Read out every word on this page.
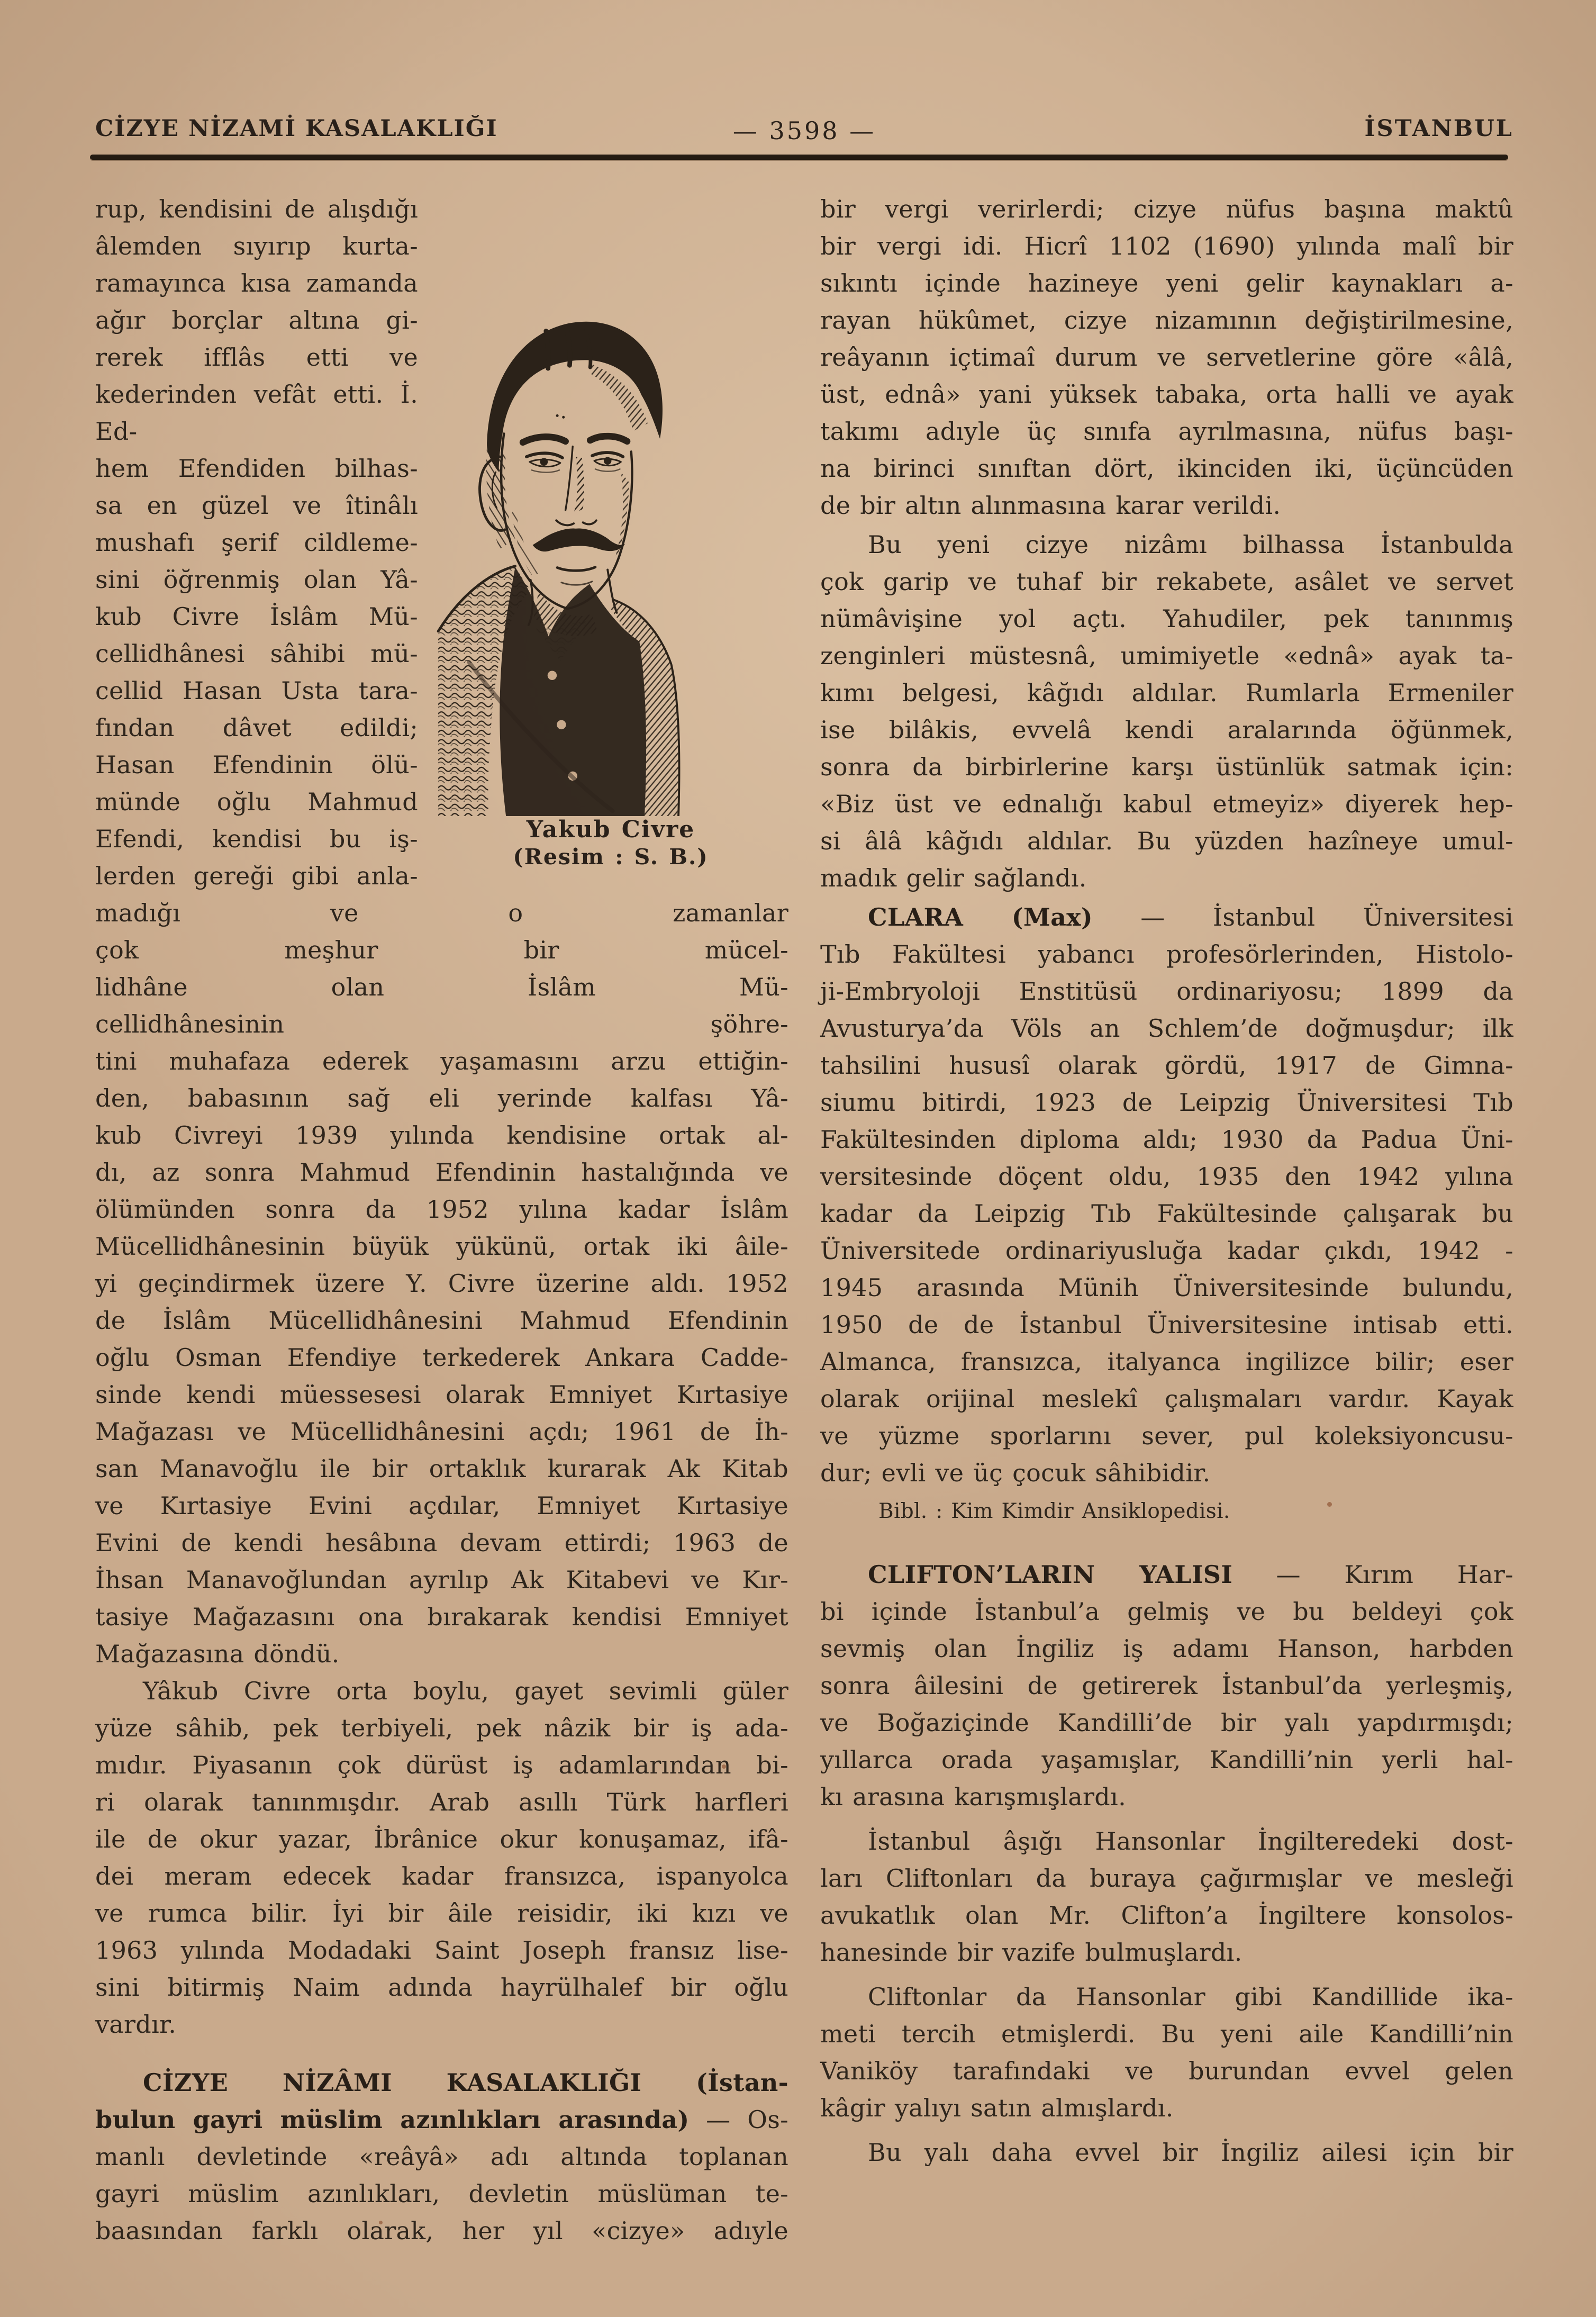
CİZYE NİZAMİ KASALAKLIĞI	— 3598 —	İSTANBUL
Yakub Civre
(Resim : S. B.)
rup, kendisini de alışdığı âlemden sıyırıp kurta-
ramayınca kısa zamanda ağır borçlar altına gi-
rerek ifflâs etti ve kederinden vefât etti. İ. Ed-
hem Efendiden bilhas-
sa en güzel ve îtinâlı
mushafı şerif cildleme-
sini öğrenmiş olan Yâ-
kub Civre İslâm Mü-
cellidhânesi sâhibi mü-
cellid Hasan Usta tara-
fından dâvet edildi;
Hasan Efendinin ölü-
münde oğlu Mahmud
Efendi, kendisi bu iş-
lerden gereği gibi anla-
madığı ve o zamanlar
çok meşhur bir mücel-
lidhâne olan İslâm Mü-
cellidhânesinin şöhre-
tini muhafaza ederek yaşamasını arzu ettiğin-
den, babasının sağ eli yerinde kalfası Yâ-
kub Civreyi 1939 yılında kendisine ortak al-
dı, az sonra Mahmud Efendinin hastalığında ve
ölümünden sonra da 1952 yılına kadar İslâm
Mücellidhânesinin büyük yükünü, ortak iki âile-
yi geçindirmek üzere Y. Civre üzerine aldı. 1952
de İslâm Mücellidhânesini Mahmud Efendinin
oğlu Osman Efendiye terkederek Ankara Cadde-
sinde kendi müessesesi olarak Emniyet Kırtasiye
Mağazası ve Mücellidhânesini açdı; 1961 de İh-
san Manavoğlu ile bir ortaklık kurarak Ak Kitab
ve Kırtasiye Evini açdılar, Emniyet Kırtasiye
Evini de kendi hesâbına devam ettirdi; 1963 de
İhsan Manavoğlundan ayrılıp Ak Kitabevi ve Kır-
tasiye Mağazasını ona bırakarak kendisi Emniyet
Mağazasına döndü.
Yâkub Civre orta boylu, gayet sevimli güler
yüze sâhib, pek terbiyeli, pek nâzik bir iş ada-
mıdır. Piyasanın çok dürüst iş adamlarından bi-
ri olarak tanınmışdır. Arab asıllı Türk harfleri
ile de okur yazar, İbrânice okur konuşamaz, ifâ-
dei meram edecek kadar fransızca, ispanyolca
ve rumca bilir. İyi bir âile reisidir, iki kızı ve
1963 yılında Modadaki Saint Joseph fransız lise-
sini bitirmiş Naim adında hayrülhalef bir oğlu
vardır.
CİZYE NİZÂMI KASALAKLIĞI (İstan-
bulun gayri müslim azınlıkları arasında) — Os-
manlı devletinde «reâyâ» adı altında toplanan
gayri müslim azınlıkları, devletin müslüman te-
baasından farklı olarak, her yıl «cizye» adıyle
bir vergi verirlerdi; cizye nüfus başına maktû
bir vergi idi. Hicrî 1102 (1690) yılında malî bir
sıkıntı içinde hazineye yeni gelir kaynakları a-
rayan hükûmet, cizye nizamının değiştirilmesine,
reâyanın içtimaî durum ve servetlerine göre «âlâ,
üst, ednâ» yani yüksek tabaka, orta halli ve ayak
takımı adıyle üç sınıfa ayrılmasına, nüfus başı-
na birinci sınıftan dört, ikinciden iki, üçüncüden
de bir altın alınmasına karar verildi.
Bu yeni cizye nizâmı bilhassa İstanbulda
çok garip ve tuhaf bir rekabete, asâlet ve servet
nümâvişine yol açtı. Yahudiler, pek tanınmış
zenginleri müstesnâ, umimiyetle «ednâ» ayak ta-
kımı belgesi, kâğıdı aldılar. Rumlarla Ermeniler
ise bilâkis, evvelâ kendi aralarında öğünmek,
sonra da birbirlerine karşı üstünlük satmak için:
«Biz üst ve ednalığı kabul etmeyiz» diyerek hep-
si âlâ kâğıdı aldılar. Bu yüzden hazîneye umul-
madık gelir sağlandı.
CLARA (Max) — İstanbul Üniversitesi
Tıb Fakültesi yabancı profesörlerinden, Histolo-
ji-Embryoloji Enstitüsü ordinariyosu; 1899 da
Avusturya’da Völs an Schlem’de doğmuşdur; ilk
tahsilini hususî olarak gördü, 1917 de Gimna-
siumu bitirdi, 1923 de Leipzig Üniversitesi Tıb
Fakültesinden diploma aldı; 1930 da Padua Üni-
versitesinde döçent oldu, 1935 den 1942 yılına
kadar da Leipzig Tıb Fakültesinde çalışarak bu
Üniversitede ordinariyusluğa kadar çıkdı, 1942 -
1945 arasında Münih Üniversitesinde bulundu,
1950 de de İstanbul Üniversitesine intisab etti.
Almanca, fransızca, italyanca ingilizce bilir; eser
olarak orijinal meslekî çalışmaları vardır. Kayak
ve yüzme sporlarını sever, pul koleksiyoncusu-
dur; evli ve üç çocuk sâhibidir.
Bibl. : Kim Kimdir Ansiklopedisi.
CLIFTON’LARIN YALISI — Kırım Har-
bi içinde İstanbul’a gelmiş ve bu beldeyi çok
sevmiş olan İngiliz iş adamı Hanson, harbden
sonra âilesini de getirerek İstanbul’da yerleşmiş,
ve Boğaziçinde Kandilli’de bir yalı yapdırmışdı;
yıllarca orada yaşamışlar, Kandilli’nin yerli hal-
kı arasına karışmışlardı.
İstanbul âşığı Hansonlar İngilteredeki dost-
ları Cliftonları da buraya çağırmışlar ve mesleği
avukatlık olan Mr. Clifton’a İngiltere konsolos-
hanesinde bir vazife bulmuşlardı.
Cliftonlar da Hansonlar gibi Kandillide ika-
meti tercih etmişlerdi. Bu yeni aile Kandilli’nin
Vaniköy tarafındaki ve burundan evvel gelen
kâgir yalıyı satın almışlardı.
Bu yalı daha evvel bir İngiliz ailesi için bir
